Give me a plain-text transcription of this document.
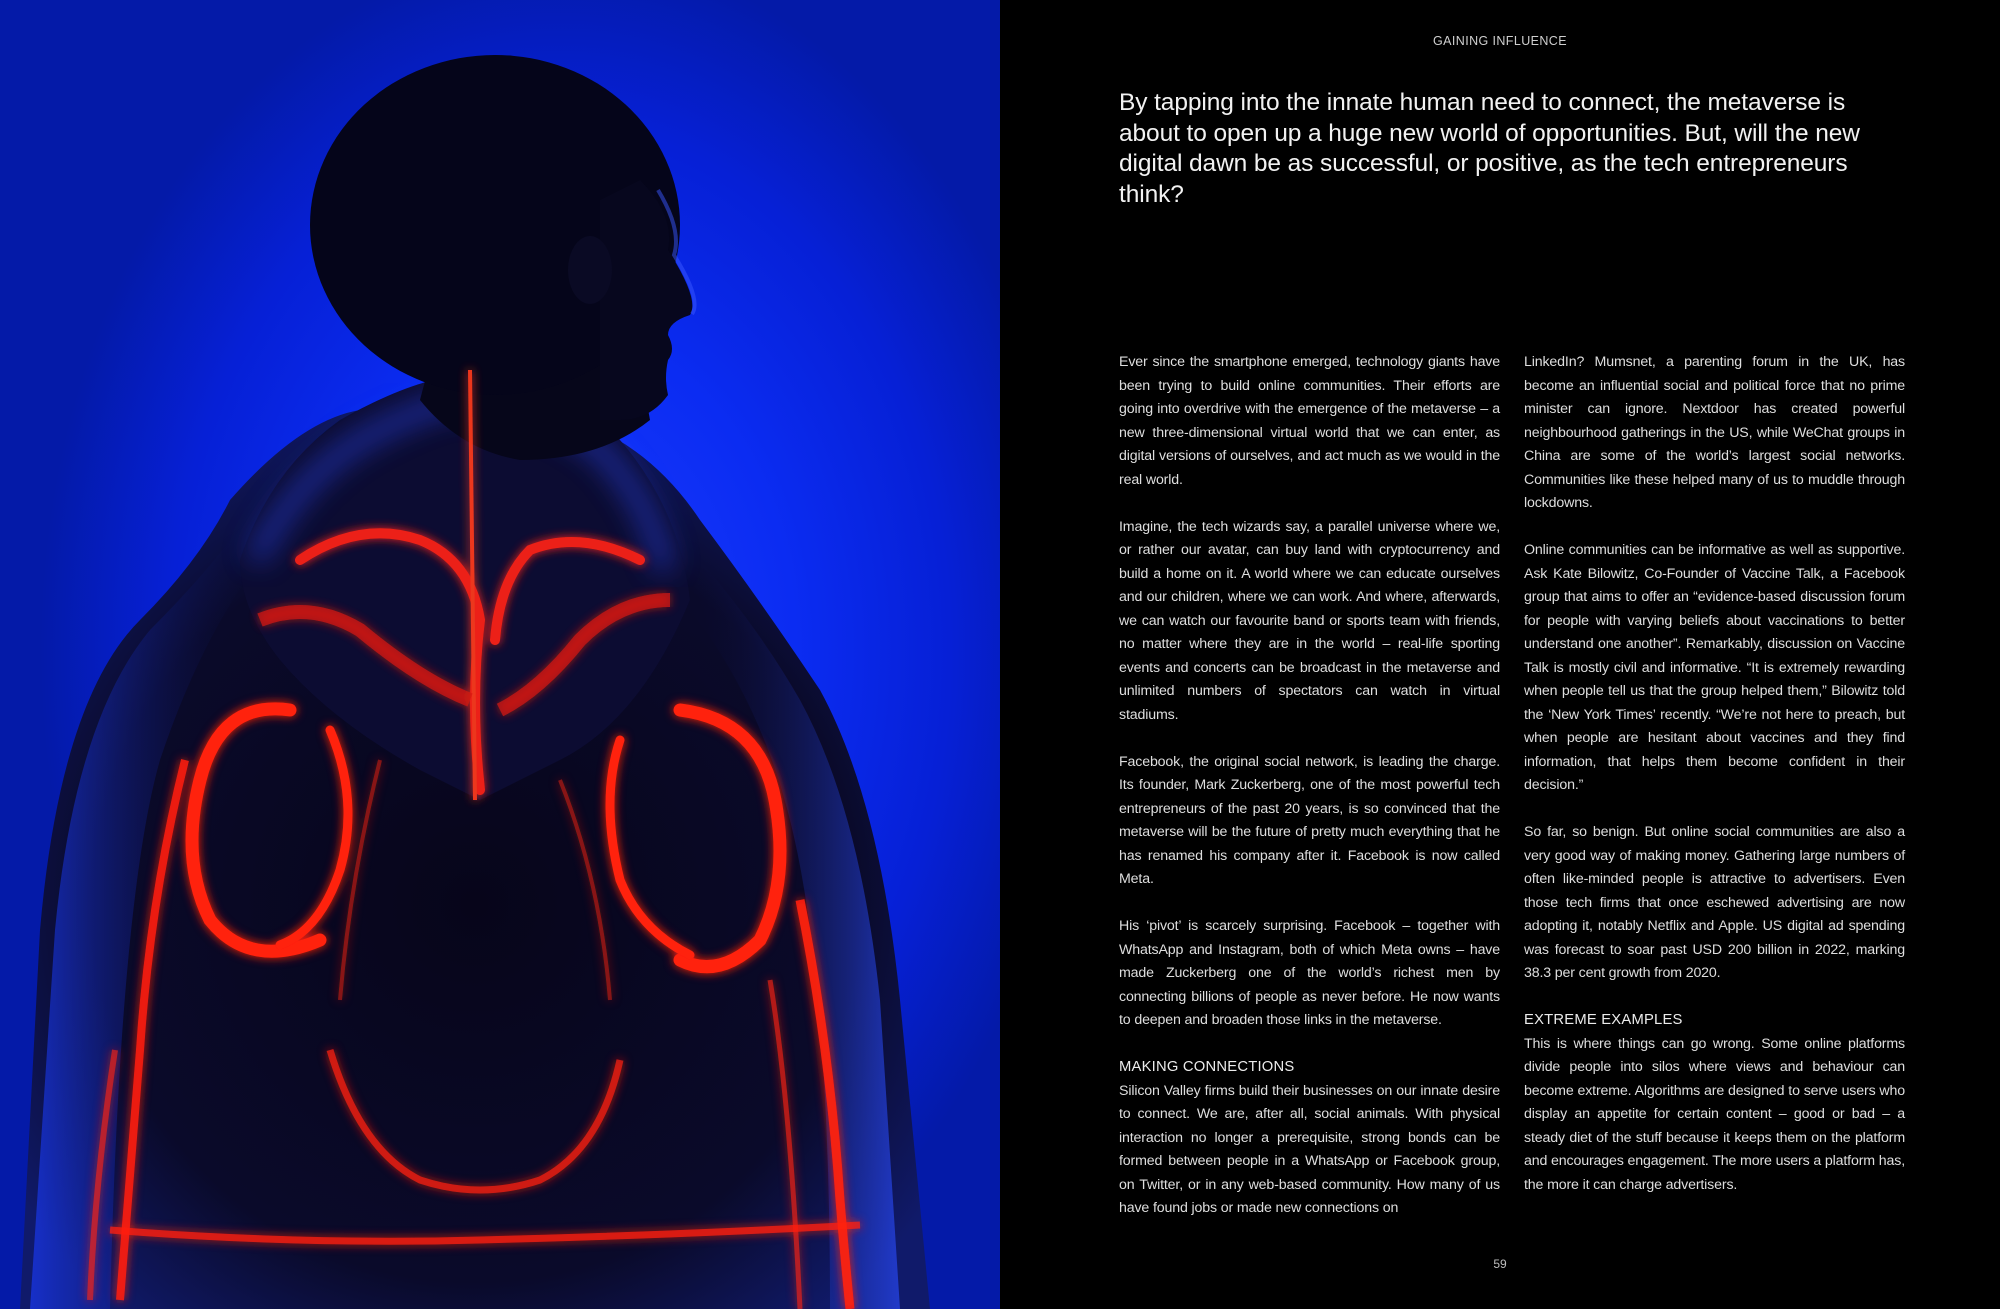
GAINING INFLUENCE
By tapping into the innate human need to connect, the metaverse is about to open up a huge new world of opportunities. But, will the new digital dawn be as successful, or positive, as the tech entrepreneurs think?

Ever since the smartphone emerged, technology giants have been trying to build online communities. Their efforts are going into overdrive with the emergence of the metaverse – a new three-dimensional virtual world that we can enter, as digital versions of ourselves, and act much as we would in the real world.

Imagine, the tech wizards say, a parallel universe where we, or rather our avatar, can buy land with cryptocurrency and build a home on it. A world where we can educate ourselves and our children, where we can work. And where, afterwards, we can watch our favourite band or sports team with friends, no matter where they are in the world – real-life sporting events and concerts can be broadcast in the metaverse and unlimited numbers of spectators can watch in virtual stadiums.

Facebook, the original social network, is leading the charge. Its founder, Mark Zuckerberg, one of the most powerful tech entrepreneurs of the past 20 years, is so convinced that the metaverse will be the future of pretty much everything that he has renamed his company after it. Facebook is now called Meta.

His ‘pivot’ is scarcely surprising. Facebook – together with WhatsApp and Instagram, both of which Meta owns – have made Zuckerberg one of the world’s richest men by connecting billions of people as never before. He now wants to deepen and broaden those links in the metaverse.

MAKING CONNECTIONS

Silicon Valley firms build their businesses on our innate desire to connect. We are, after all, social animals. With physical interaction no longer a prerequisite, strong bonds can be formed between people in a WhatsApp or Facebook group, on Twitter, or in any web-based community. How many of us have found jobs or made new connections on

LinkedIn? Mumsnet, a parenting forum in the UK, has become an influential social and political force that no prime minister can ignore. Nextdoor has created powerful neighbourhood gatherings in the US, while WeChat groups in China are some of the world’s largest social networks. Communities like these helped many of us to muddle through lockdowns.

Online communities can be informative as well as supportive. Ask Kate Bilowitz, Co-Founder of Vaccine Talk, a Facebook group that aims to offer an “evidence-based discussion forum for people with varying beliefs about vaccinations to better understand one another”. Remarkably, discussion on Vaccine Talk is mostly civil and informative. “It is extremely rewarding when people tell us that the group helped them,” Bilowitz told the ‘New York Times’ recently. “We’re not here to preach, but when people are hesitant about vaccines and they find information, that helps them become confident in their decision.”

So far, so benign. But online social communities are also a very good way of making money. Gathering large numbers of often like-minded people is attractive to advertisers. Even those tech firms that once eschewed advertising are now adopting it, notably Netflix and Apple. US digital ad spending was forecast to soar past USD 200 billion in 2022, marking 38.3 per cent growth from 2020.

EXTREME EXAMPLES

This is where things can go wrong. Some online platforms divide people into silos where views and behaviour can become extreme. Algorithms are designed to serve users who display an appetite for certain content – good or bad – a steady diet of the stuff because it keeps them on the platform and encourages engagement. The more users a platform has, the more it can charge advertisers.

59
